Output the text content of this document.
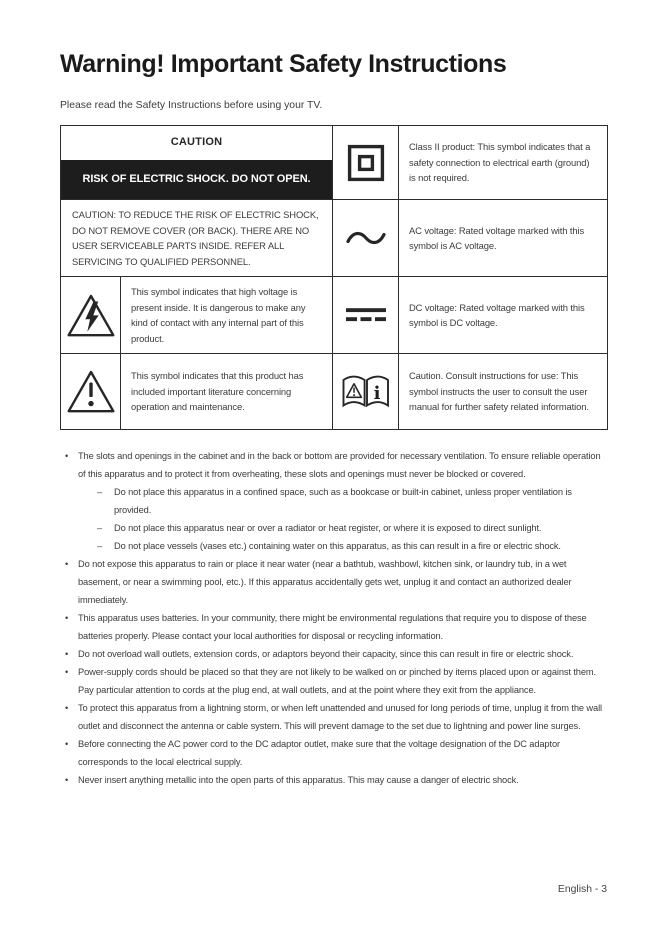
Warning! Important Safety Instructions

Please read the Safety Instructions before using your TV.

CAUTION
RISK OF ELECTRIC SHOCK. DO NOT OPEN.			Class II product: This symbol indicates that a safety connection to electrical earth (ground) is not required.
CAUTION: TO REDUCE THE RISK OF ELECTRIC SHOCK, DO NOT REMOVE COVER (OR BACK). THERE ARE NO USER SERVICEABLE PARTS INSIDE. REFER ALL SERVICING TO QUALIFIED PERSONNEL.			AC voltage: Rated voltage marked with this symbol is AC voltage.
	This symbol indicates that high voltage is present inside. It is dangerous to make any kind of contact with any internal part of this product.		DC voltage: Rated voltage marked with this symbol is DC voltage.
	This symbol indicates that this product has included important literature concerning operation and maintenance.	i	Caution. Consult instructions for use: This symbol instructs the user to consult the user manual for further safety related information.
• The slots and openings in the cabinet and in the back or bottom are provided for necessary ventilation. To ensure reliable operation of this apparatus and to protect it from overheating, these slots and openings must never be blocked or covered.
– Do not place this apparatus in a confined space, such as a bookcase or built-in cabinet, unless proper ventilation is provided.
– Do not place this apparatus near or over a radiator or heat register, or where it is exposed to direct sunlight.
– Do not place vessels (vases etc.) containing water on this apparatus, as this can result in a fire or electric shock.
• Do not expose this apparatus to rain or place it near water (near a bathtub, washbowl, kitchen sink, or laundry tub, in a wet basement, or near a swimming pool, etc.). If this apparatus accidentally gets wet, unplug it and contact an authorized dealer immediately.
• This apparatus uses batteries. In your community, there might be environmental regulations that require you to dispose of these batteries properly. Please contact your local authorities for disposal or recycling information.
• Do not overload wall outlets, extension cords, or adaptors beyond their capacity, since this can result in fire or electric shock.
• Power-supply cords should be placed so that they are not likely to be walked on or pinched by items placed upon or against them. Pay particular attention to cords at the plug end, at wall outlets, and at the point where they exit from the appliance.
• To protect this apparatus from a lightning storm, or when left unattended and unused for long periods of time, unplug it from the wall outlet and disconnect the antenna or cable system. This will prevent damage to the set due to lightning and power line surges.
• Before connecting the AC power cord to the DC adaptor outlet, make sure that the voltage designation of the DC adaptor corresponds to the local electrical supply.
• Never insert anything metallic into the open parts of this apparatus. This may cause a danger of electric shock.
English - 3
